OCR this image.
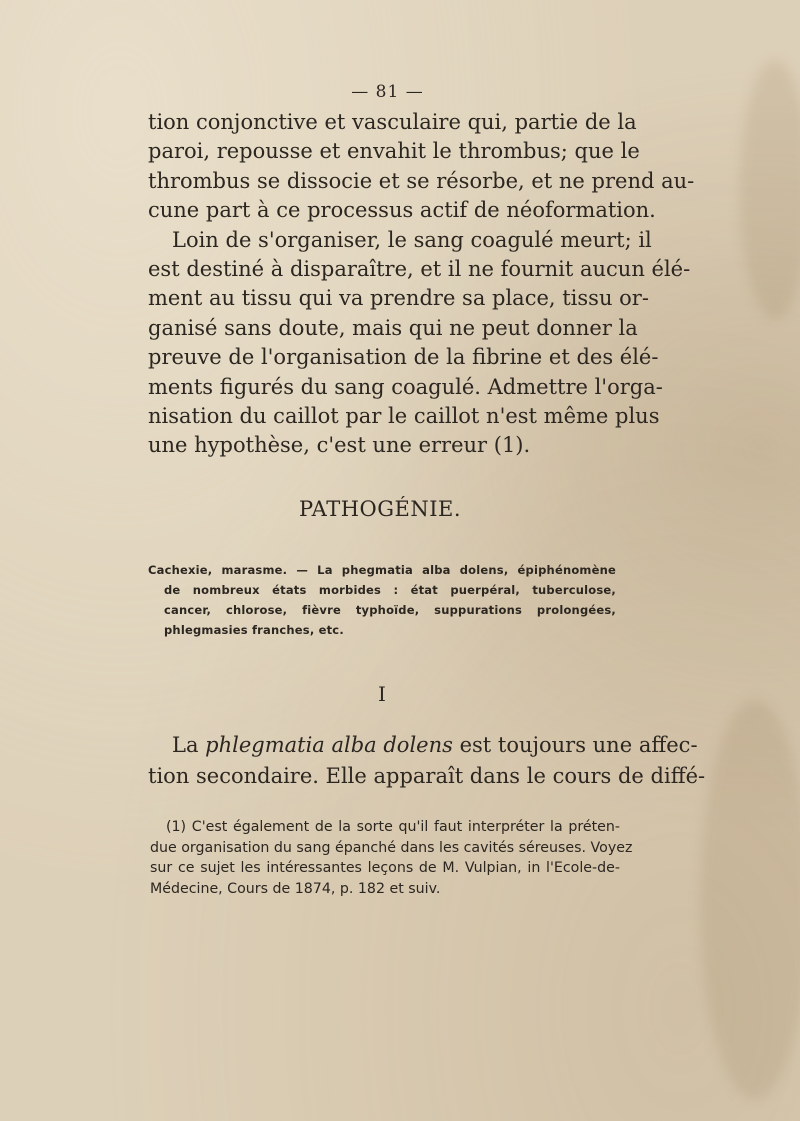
— 81 —
tion conjonctive et vasculaire qui, partie de la
paroi, repousse et envahit le thrombus; que le
thrombus se dissocie et se résorbe, et ne prend au-
cune part à ce processus actif de néoformation.
Loin de s'organiser, le sang coagulé meurt; il
est destiné à disparaître, et il ne fournit aucun élé-
ment au tissu qui va prendre sa place, tissu or-
ganisé sans doute, mais qui ne peut donner la
preuve de l'organisation de la fibrine et des élé-
ments figurés du sang coagulé. Admettre l'orga-
nisation du caillot par le caillot n'est même plus
une hypothèse, c'est une erreur (1).
PATHOGÉNIE.
Cachexie, marasme. — La phegmatia alba dolens, épiphénomène
de nombreux états morbides : état puerpéral, tuberculose,
cancer, chlorose, fièvre typhoïde, suppurations prolongées,
phlegmasies franches, etc.
I
La phlegmatia alba dolens est toujours une affec-
tion secondaire. Elle apparaît dans le cours de diffé-
(1) C'est également de la sorte qu'il faut interpréter la préten-
due organisation du sang épanché dans les cavités séreuses. Voyez
sur ce sujet les intéressantes leçons de M. Vulpian, in l'Ecole-de-
Médecine, Cours de 1874, p. 182 et suiv.
